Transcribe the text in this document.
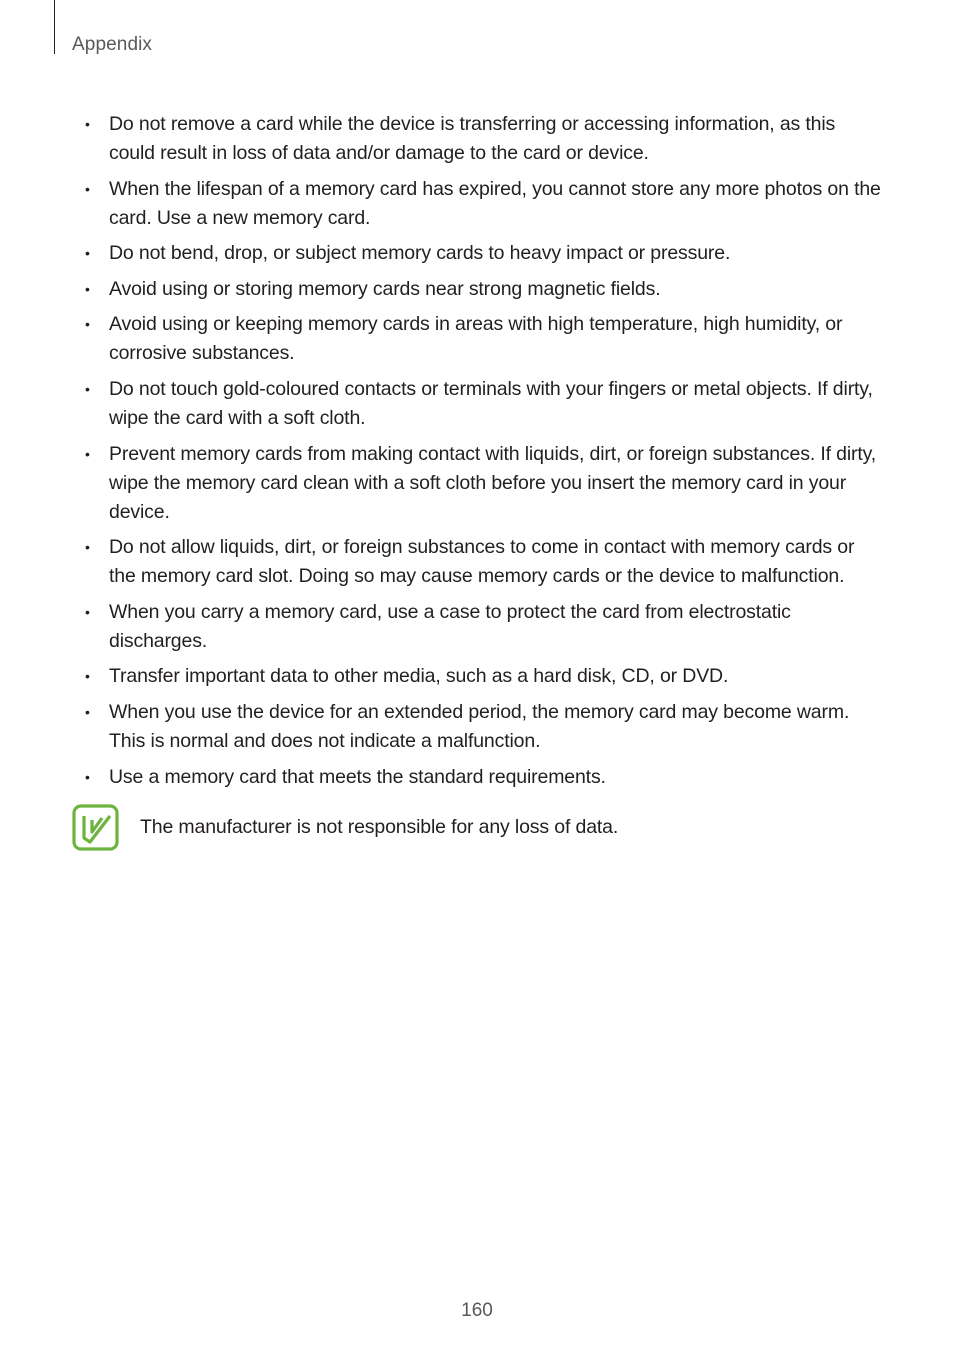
Appendix
• Do not remove a card while the device is transferring or accessing information, as this could result in loss of data and/or damage to the card or device.
• When the lifespan of a memory card has expired, you cannot store any more photos on the card. Use a new memory card.
• Do not bend, drop, or subject memory cards to heavy impact or pressure.
• Avoid using or storing memory cards near strong magnetic fields.
• Avoid using or keeping memory cards in areas with high temperature, high humidity, or corrosive substances.
• Do not touch gold-coloured contacts or terminals with your fingers or metal objects. If dirty, wipe the card with a soft cloth.
• Prevent memory cards from making contact with liquids, dirt, or foreign substances. If dirty, wipe the memory card clean with a soft cloth before you insert the memory card in your device.
• Do not allow liquids, dirt, or foreign substances to come in contact with memory cards or the memory card slot. Doing so may cause memory cards or the device to malfunction.
• When you carry a memory card, use a case to protect the card from electrostatic discharges.
• Transfer important data to other media, such as a hard disk, CD, or DVD.
• When you use the device for an extended period, the memory card may become warm. This is normal and does not indicate a malfunction.
• Use a memory card that meets the standard requirements.
The manufacturer is not responsible for any loss of data.
160
